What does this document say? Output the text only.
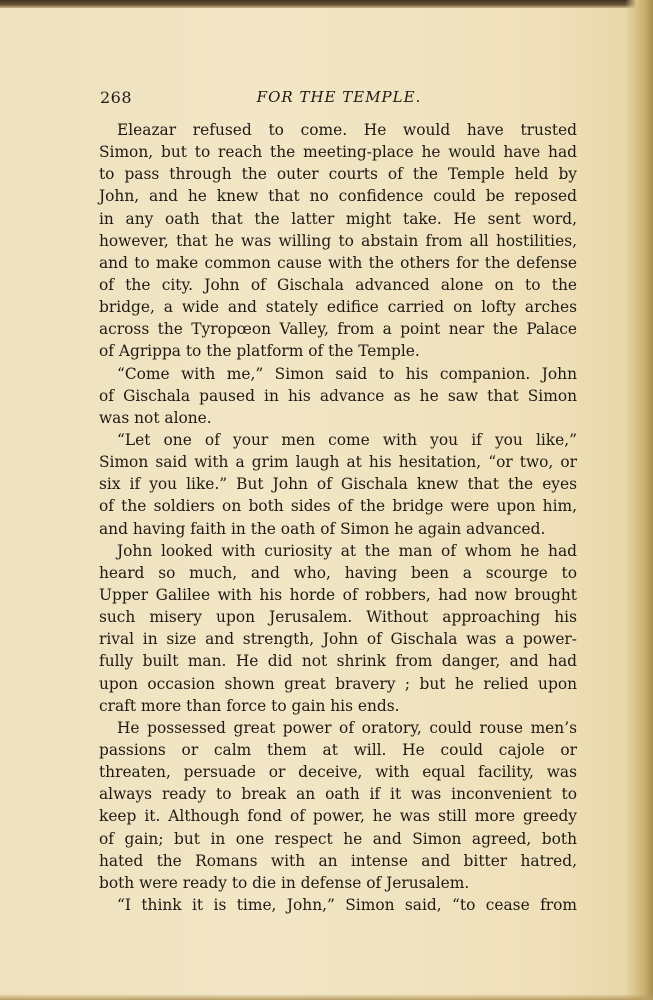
FOR THE TEMPLE.
268
Eleazar refused to come. He would have trusted
Simon, but to reach the meeting-place he would have had
to pass through the outer courts of the Temple held by
John, and he knew that no confidence could be reposed
in any oath that the latter might take. He sent word,
however, that he was willing to abstain from all hostilities,
and to make common cause with the others for the defense
of the city. John of Gischala advanced alone on to the
bridge, a wide and stately edifice carried on lofty arches
across the Tyropœon Valley, from a point near the Palace
of Agrippa to the platform of the Temple.
“Come with me,” Simon said to his companion. John
of Gischala paused in his advance as he saw that Simon
was not alone.
“Let one of your men come with you if you like,”
Simon said with a grim laugh at his hesitation, “or two, or
six if you like.” But John of Gischala knew that the eyes
of the soldiers on both sides of the bridge were upon him,
and having faith in the oath of Simon he again advanced.
John looked with curiosity at the man of whom he had
heard so much, and who, having been a scourge to
Upper Galilee with his horde of robbers, had now brought
such misery upon Jerusalem. Without approaching his
rival in size and strength, John of Gischala was a power-
fully built man. He did not shrink from danger, and had
upon occasion shown great bravery ; but he relied upon
craft more than force to gain his ends.
He possessed great power of oratory, could rouse men’s
passions or calm them at will. He could cajole or
threaten, persuade or deceive, with equal facility, was
always ready to break an oath if it was inconvenient to
keep it. Although fond of power, he was still more greedy
of gain; but in one respect he and Simon agreed, both
hated the Romans with an intense and bitter hatred,
both were ready to die in defense of Jerusalem.
“I think it is time, John,” Simon said, “to cease from
